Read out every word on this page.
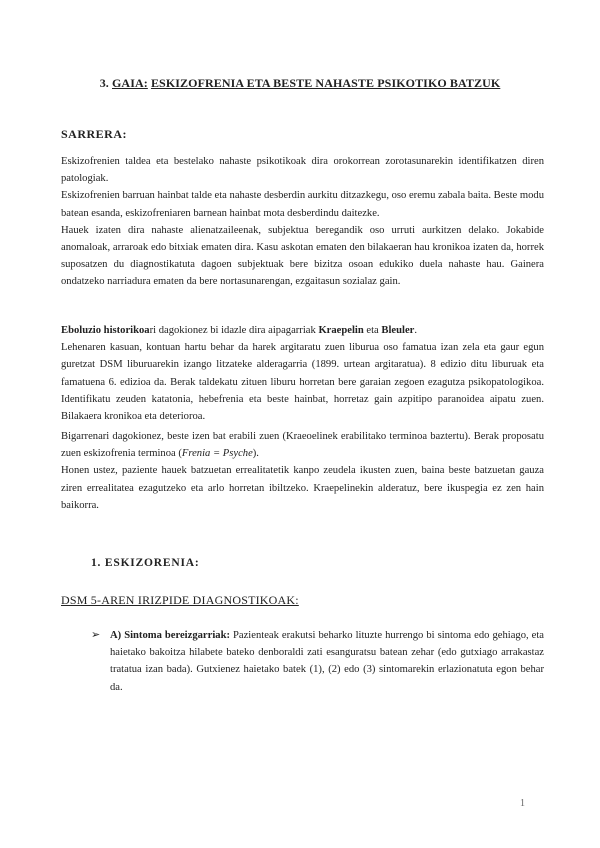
3. GAIA: ESKIZOFRENIA ETA BESTE NAHASTE PSIKOTIKO BATZUK
SARRERA:

Eskizofrenien taldea eta bestelako nahaste psikotikoak dira orokorrean zorotasunarekin identifikatzen diren patologiak.

Eskizofrenien barruan hainbat talde eta nahaste desberdin aurkitu ditzazkegu, oso eremu zabala baita. Beste modu batean esanda, eskizofreniaren barnean hainbat mota desberdindu daitezke.

Hauek izaten dira nahaste alienatzaileenak, subjektua beregandik oso urruti aurkitzen delako. Jokabide anomaloak, arraroak edo bitxiak ematen dira. Kasu askotan ematen den bilakaeran hau kronikoa izaten da, horrek suposatzen du diagnostikatuta dagoen subjektuak bere bizitza osoan edukiko duela nahaste hau. Gainera ondatzeko narriadura ematen da bere nortasunarengan, ezgaitasun sozialaz gain.

Eboluzio historikoari dagokionez bi idazle dira aipagarriak Kraepelin eta Bleuler.

Lehenaren kasuan, kontuan hartu behar da harek argitaratu zuen liburua oso famatua izan zela eta gaur egun guretzat DSM liburuarekin izango litzateke alderagarria (1899. urtean argitaratua). 8 edizio ditu liburuak eta famatuena 6. edizioa da. Berak taldekatu zituen liburu horretan bere garaian zegoen ezagutza psikopatologikoa. Identifikatu zeuden katatonia, hebefrenia eta beste hainbat, horretaz gain azpitipo paranoidea aipatu zuen. Bilakaera kronikoa eta deterioroa.

Bigarrenari dagokionez, beste izen bat erabili zuen (Kraeoelinek erabilitako terminoa baztertu). Berak proposatu zuen eskizofrenia terminoa (Frenia = Psyche).

Honen ustez, paziente hauek batzuetan errealitatetik kanpo zeudela ikusten zuen, baina beste batzuetan gauza ziren errealitatea ezagutzeko eta arlo horretan ibiltzeko. Kraepelinekin alderatuz, bere ikuspegia ez zen hain baikorra.

1. ESKIZORENIA:
DSM 5-AREN IRIZPIDE DIAGNOSTIKOAK:
➢ A) Sintoma bereizgarriak: Pazienteak erakutsi beharko lituzte hurrengo bi sintoma edo gehiago, eta haietako bakoitza hilabete bateko denboraldi zati esanguratsu batean zehar (edo gutxiago arrakastaz tratatua izan bada). Gutxienez haietako batek (1), (2) edo (3) sintomarekin erlazionatuta egon behar da.
1
